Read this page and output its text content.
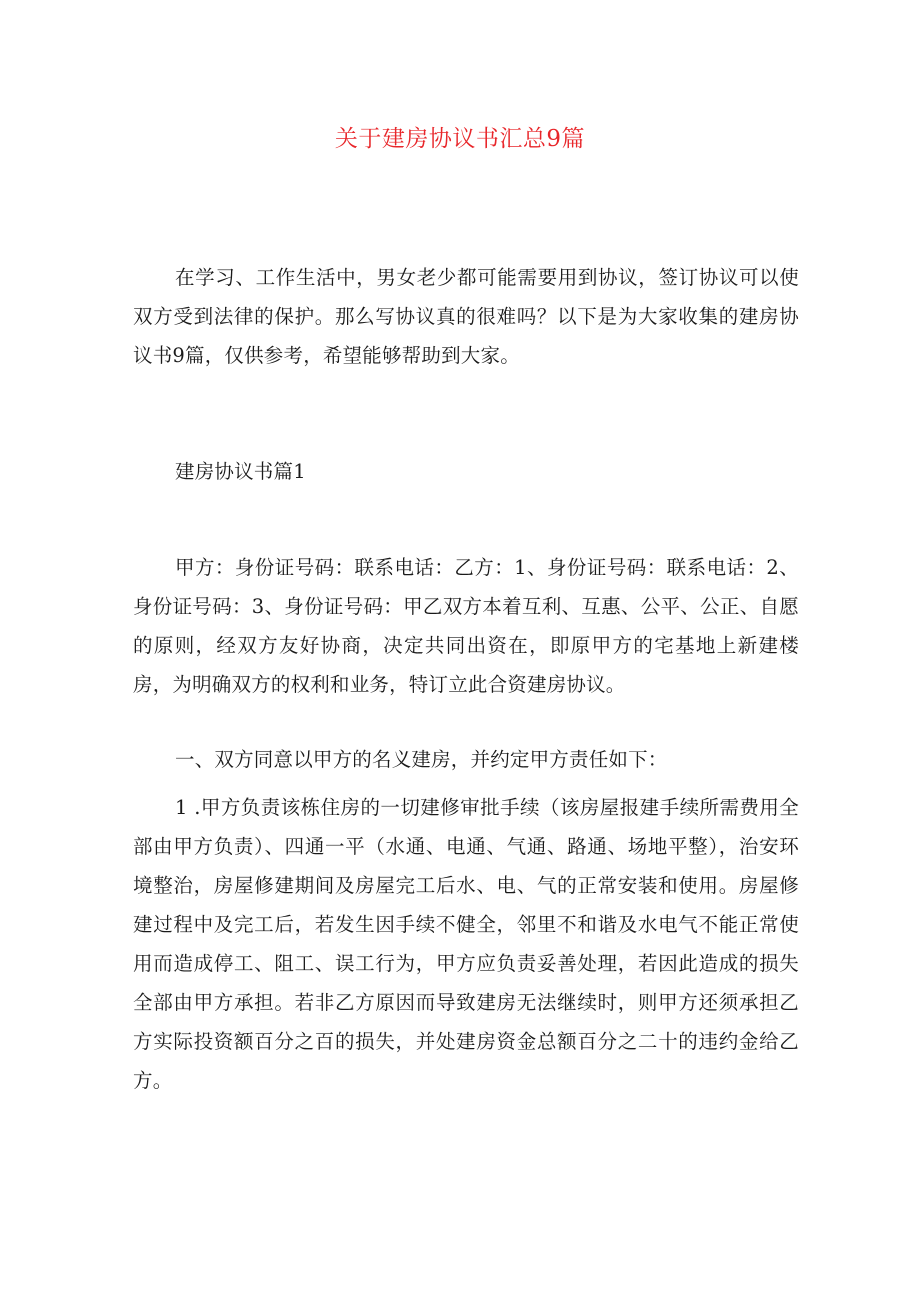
关于建房协议书汇总9篇

在学习、工作生活中，男女老少都可能需要用到协议，签订协议可以使双方受到法律的保护。那么写协议真的很难吗？以下是为大家收集的建房协议书9篇，仅供参考，希望能够帮助到大家。

建房协议书篇1

甲方：身份证号码：联系电话：乙方：1、身份证号码：联系电话：2、身份证号码：3、身份证号码：甲乙双方本着互利、互惠、公平、公正、自愿的原则，经双方友好协商，决定共同出资在，即原甲方的宅基地上新建楼房，为明确双方的权利和业务，特订立此合资建房协议。

一、双方同意以甲方的名义建房，并约定甲方责任如下：

1 .甲方负责该栋住房的一切建修审批手续（该房屋报建手续所需费用全部由甲方负责）、四通一平（水通、电通、气通、路通、场地平整），治安环境整治，房屋修建期间及房屋完工后水、电、气的正常安装和使用。房屋修建过程中及完工后，若发生因手续不健全，邻里不和谐及水电气不能正常使用而造成停工、阻工、误工行为，甲方应负责妥善处理，若因此造成的损失全部由甲方承担。若非乙方原因而导致建房无法继续时，则甲方还须承担乙方实际投资额百分之百的损失，并处建房资金总额百分之二十的违约金给乙方。
